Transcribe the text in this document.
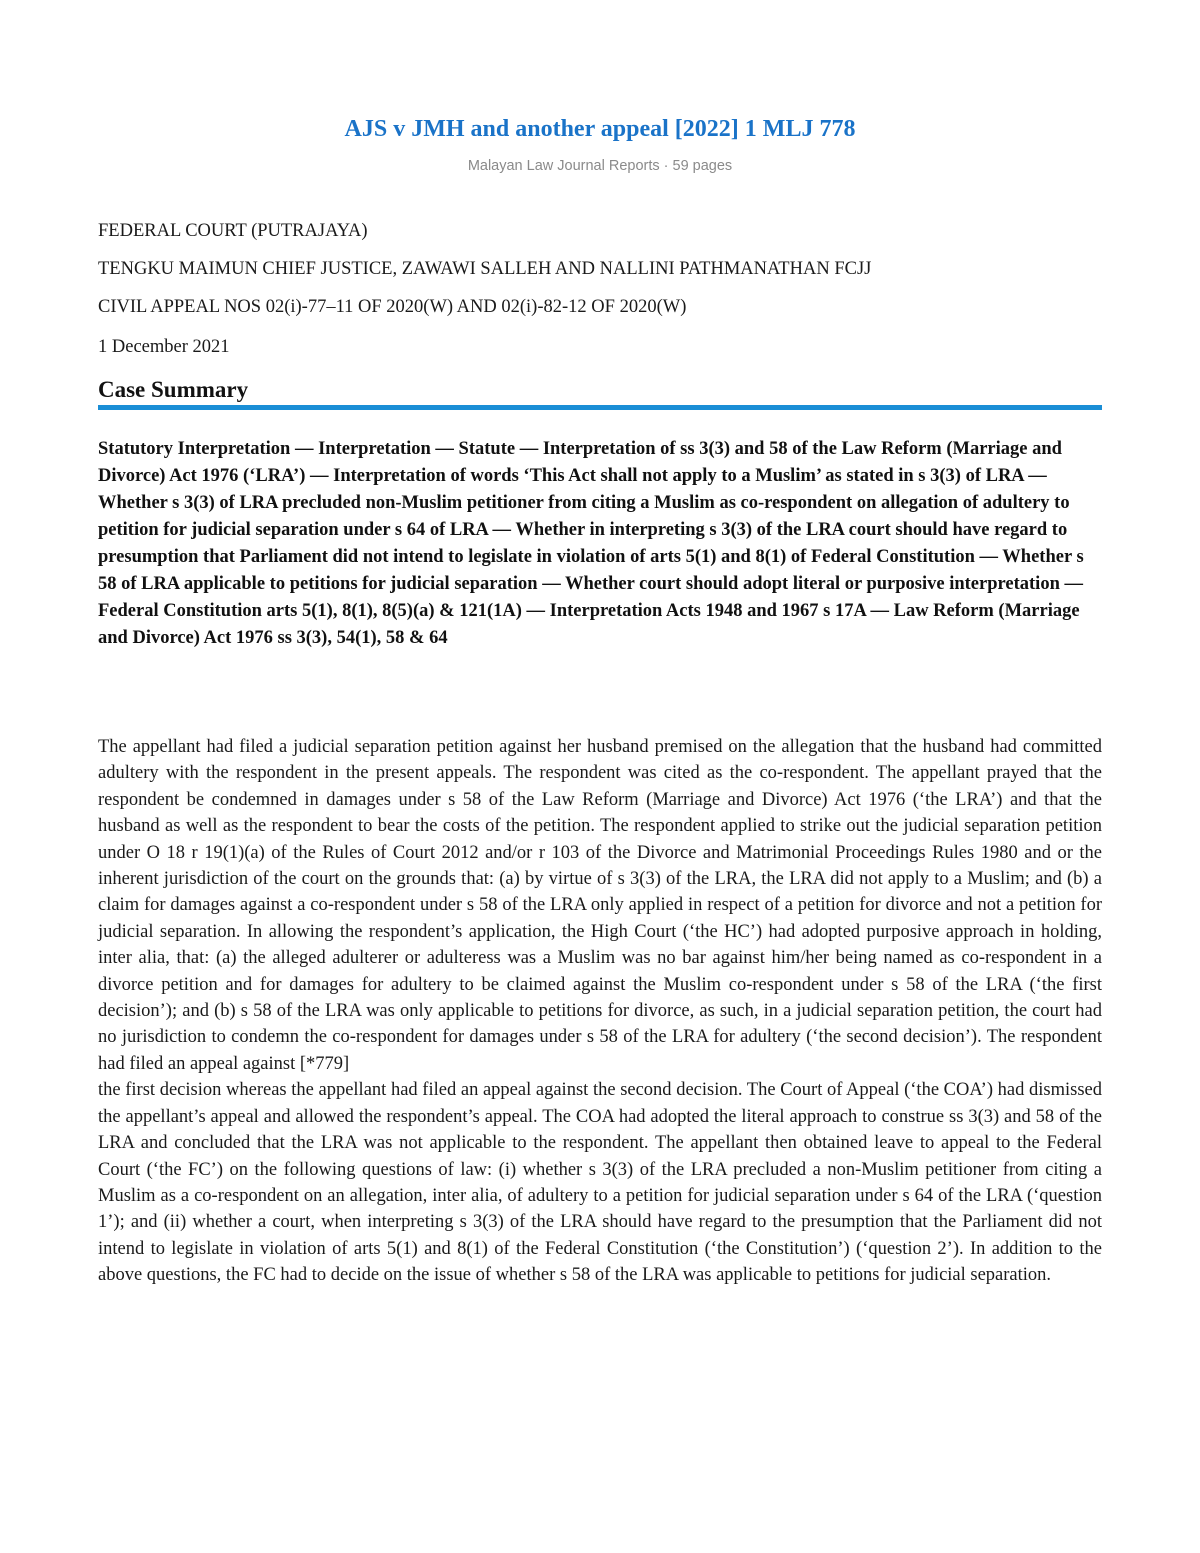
AJS v JMH and another appeal [2022] 1 MLJ 778
Malayan Law Journal Reports · 59 pages
FEDERAL COURT (PUTRAJAYA)
TENGKU MAIMUN CHIEF JUSTICE, ZAWAWI SALLEH AND NALLINI PATHMANATHAN FCJJ
CIVIL APPEAL NOS 02(i)-77–11 OF 2020(W) AND 02(i)-82-12 OF 2020(W)
1 December 2021
Case Summary

Statutory Interpretation — Interpretation — Statute — Interpretation of ss 3(3) and 58 of the Law Reform (Marriage and Divorce) Act 1976 (‘LRA’) — Interpretation of words ‘This Act shall not apply to a Muslim’ as stated in s 3(3) of LRA — Whether s 3(3) of LRA precluded non-Muslim petitioner from citing a Muslim as co-respondent on allegation of adultery to petition for judicial separation under s 64 of LRA — Whether in interpreting s 3(3) of the LRA court should have regard to presumption that Parliament did not intend to legislate in violation of arts 5(1) and 8(1) of Federal Constitution — Whether s 58 of LRA applicable to petitions for judicial separation — Whether court should adopt literal or purposive interpretation — Federal Constitution arts 5(1), 8(1), 8(5)(a) & 121(1A) — Interpretation Acts 1948 and 1967 s 17A — Law Reform (Marriage and Divorce) Act 1976 ss 3(3), 54(1), 58 & 64

The appellant had filed a judicial separation petition against her husband premised on the allegation that the husband had committed adultery with the respondent in the present appeals. The respondent was cited as the co-respondent. The appellant prayed that the respondent be condemned in damages under s 58 of the Law Reform (Marriage and Divorce) Act 1976 (‘the LRA’) and that the husband as well as the respondent to bear the costs of the petition. The respondent applied to strike out the judicial separation petition under O 18 r 19(1)(a) of the Rules of Court 2012 and/or r 103 of the Divorce and Matrimonial Proceedings Rules 1980 and or the inherent jurisdiction of the court on the grounds that: (a) by virtue of s 3(3) of the LRA, the LRA did not apply to a Muslim; and (b) a claim for damages against a co-respondent under s 58 of the LRA only applied in respect of a petition for divorce and not a petition for judicial separation. In allowing the respondent’s application, the High Court (‘the HC’) had adopted purposive approach in holding, inter alia, that: (a) the alleged adulterer or adulteress was a Muslim was no bar against him/her being named as co-respondent in a divorce petition and for damages for adultery to be claimed against the Muslim co-respondent under s 58 of the LRA (‘the first decision’); and (b) s 58 of the LRA was only applicable to petitions for divorce, as such, in a judicial separation petition, the court had no jurisdiction to condemn the co-respondent for damages under s 58 of the LRA for adultery (‘the second decision’). The respondent had filed an appeal against [*779]
the first decision whereas the appellant had filed an appeal against the second decision. The Court of Appeal (‘the COA’) had dismissed the appellant’s appeal and allowed the respondent’s appeal. The COA had adopted the literal approach to construe ss 3(3) and 58 of the LRA and concluded that the LRA was not applicable to the respondent. The appellant then obtained leave to appeal to the Federal Court (‘the FC’) on the following questions of law: (i) whether s 3(3) of the LRA precluded a non-Muslim petitioner from citing a Muslim as a co-respondent on an allegation, inter alia, of adultery to a petition for judicial separation under s 64 of the LRA (‘question 1’); and (ii) whether a court, when interpreting s 3(3) of the LRA should have regard to the presumption that the Parliament did not intend to legislate in violation of arts 5(1) and 8(1) of the Federal Constitution (‘the Constitution’) (‘question 2’). In addition to the above questions, the FC had to decide on the issue of whether s 58 of the LRA was applicable to petitions for judicial separation.
